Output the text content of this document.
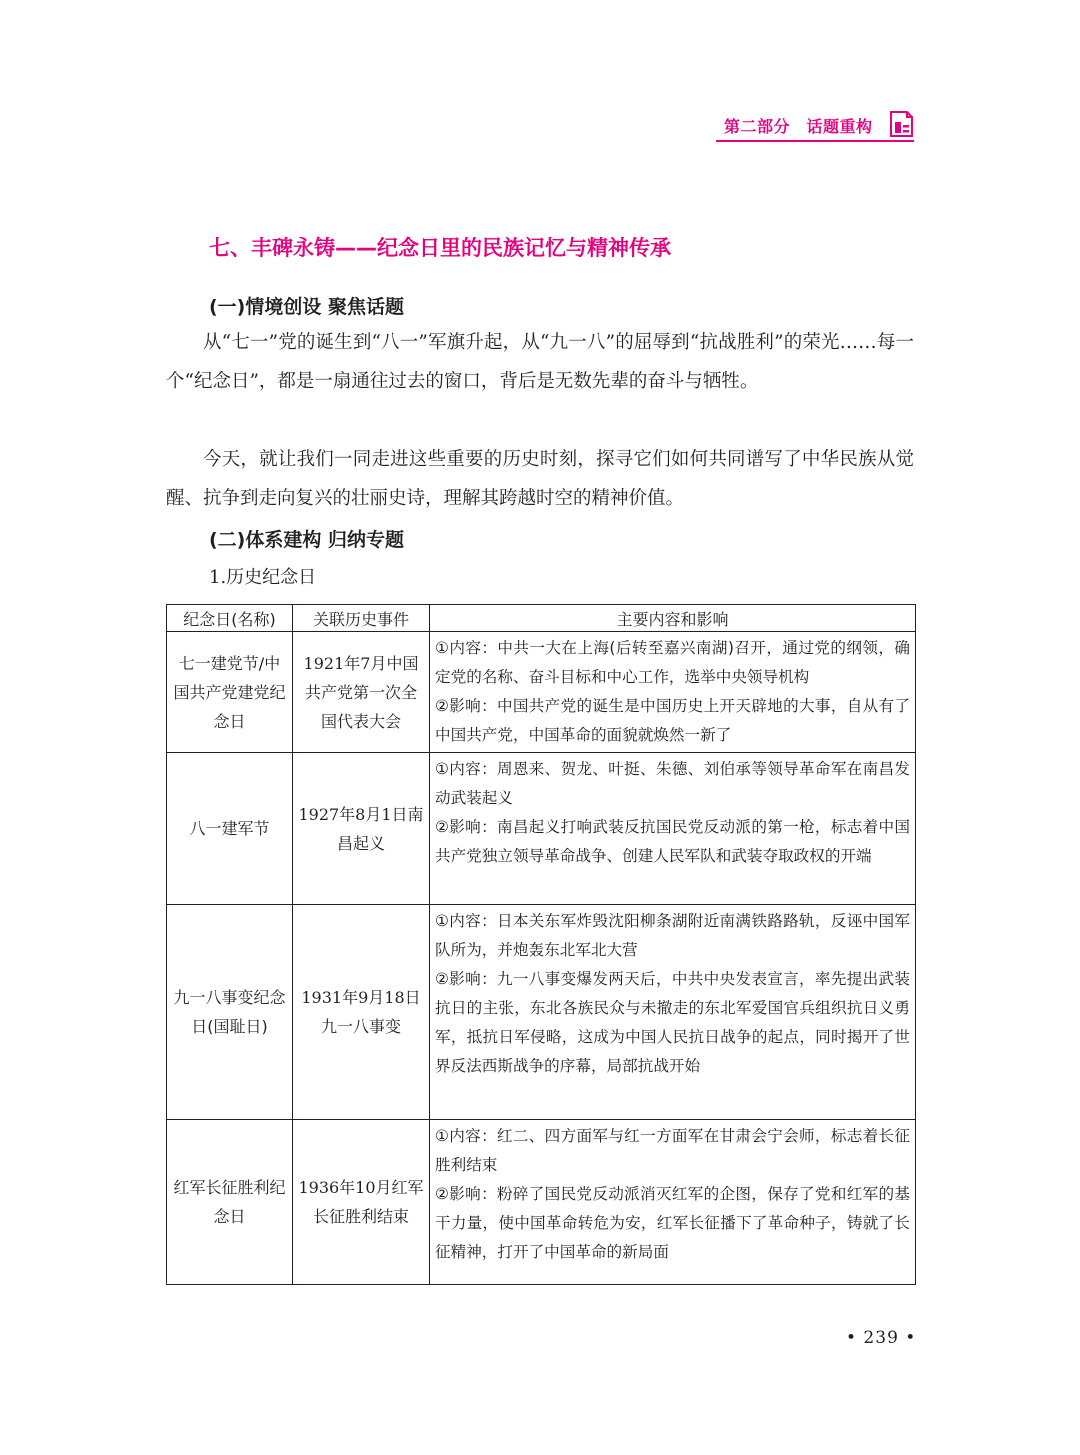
第二部分　话题重构
七、丰碑永铸——纪念日里的民族记忆与精神传承
(一)情境创设 聚焦话题

从“七一”党的诞生到“八一”军旗升起，从“九一八”的屈辱到“抗战胜利”的荣光……每一个“纪念日”，都是一扇通往过去的窗口，背后是无数先辈的奋斗与牺牲。

今天，就让我们一同走进这些重要的历史时刻，探寻它们如何共同谱写了中华民族从觉醒、抗争到走向复兴的壮丽史诗，理解其跨越时空的精神价值。

(二)体系建构 归纳专题
1.历史纪念日
纪念日(名称)	关联历史事件	主要内容和影响
七一建党节/中国共产党建党纪念日	1921年7月中国共产党第一次全国代表大会	①内容：中共一大在上海(后转至嘉兴南湖)召开，通过党的纲领，确定党的名称、奋斗目标和中心工作，选举中央领导机构
②影响：中国共产党的诞生是中国历史上开天辟地的大事，自从有了中国共产党，中国革命的面貌就焕然一新了

八一建军节	1927年8月1日南昌起义	①内容：周恩来、贺龙、叶挺、朱德、刘伯承等领导革命军在南昌发动武装起义
②影响：南昌起义打响武装反抗国民党反动派的第一枪，标志着中国共产党独立领导革命战争、创建人民军队和武装夺取政权的开端

九一八事变纪念日(国耻日)	1931年9月18日九一八事变	①内容：日本关东军炸毁沈阳柳条湖附近南满铁路路轨，反诬中国军队所为，并炮轰东北军北大营
②影响：九一八事变爆发两天后，中共中央发表宣言，率先提出武装抗日的主张，东北各族民众与未撤走的东北军爱国官兵组织抗日义勇军，抵抗日军侵略，这成为中国人民抗日战争的起点，同时揭开了世界反法西斯战争的序幕，局部抗战开始

红军长征胜利纪念日	1936年10月红军长征胜利结束	①内容：红二、四方面军与红一方面军在甘肃会宁会师，标志着长征胜利结束
②影响：粉碎了国民党反动派消灭红军的企图，保存了党和红军的基干力量，使中国革命转危为安，红军长征播下了革命种子，铸就了长征精神，打开了中国革命的新局面
• 239 •
